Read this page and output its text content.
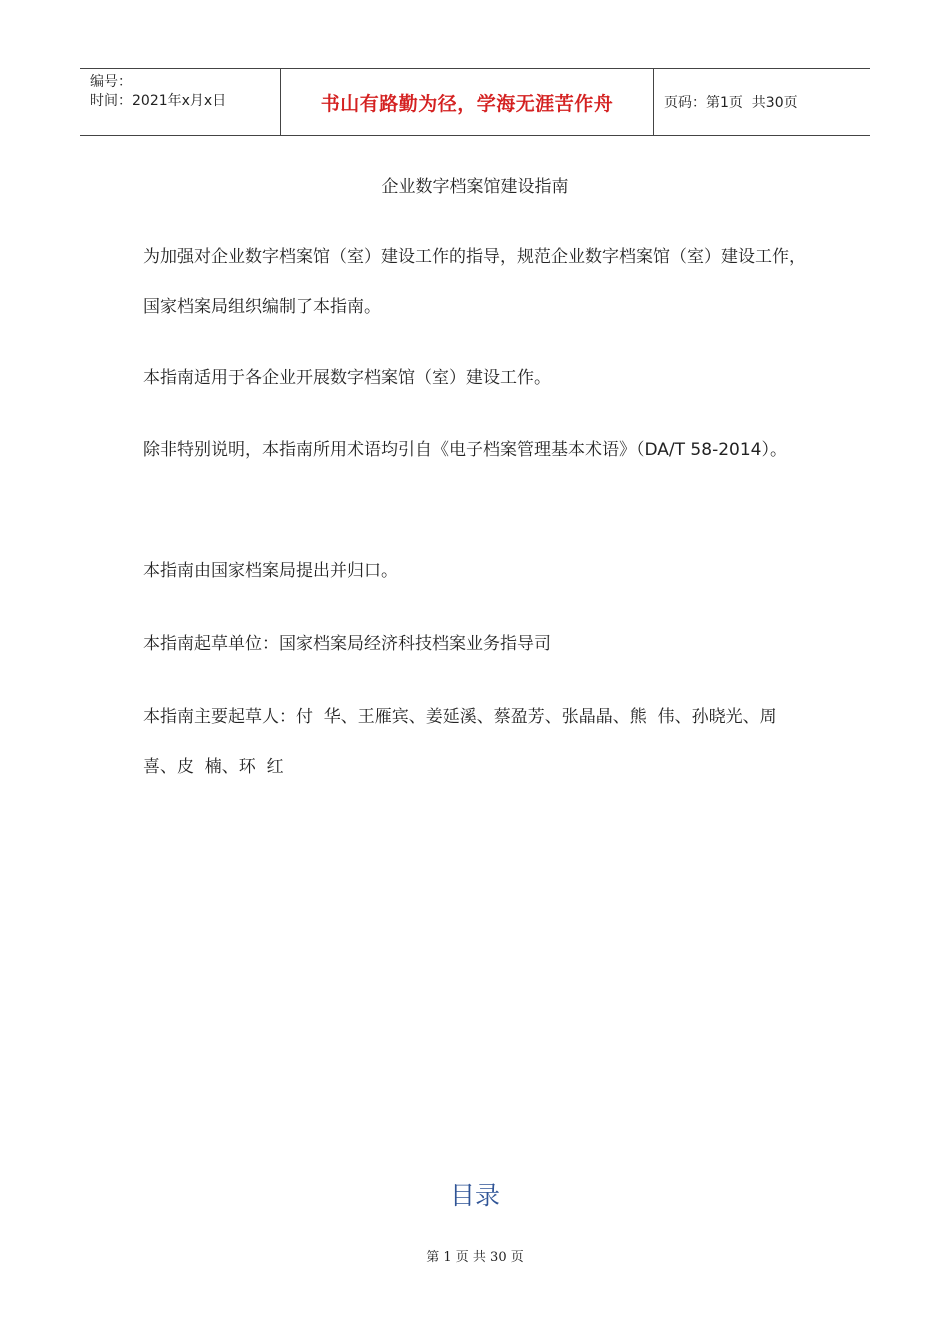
编号：
时间：2021年x月x日	书山有路勤为径，学海无涯苦作舟	页码：第1页  共30页
企业数字档案馆建设指南
为加强对企业数字档案馆（室）建设工作的指导，规范企业数字档案馆（室）建设工作，国家档案局组织编制了本指南。
本指南适用于各企业开展数字档案馆（室）建设工作。
除非特别说明，本指南所用术语均引自《电子档案管理基本术语》（DA/T 58-2014）。
本指南由国家档案局提出并归口。
本指南起草单位：国家档案局经济科技档案业务指导司
本指南主要起草人：付  华、王雁宾、姜延溪、蔡盈芳、张晶晶、熊  伟、孙晓光、周  喜、皮  楠、环  红
目录
第 1 页 共 30 页
